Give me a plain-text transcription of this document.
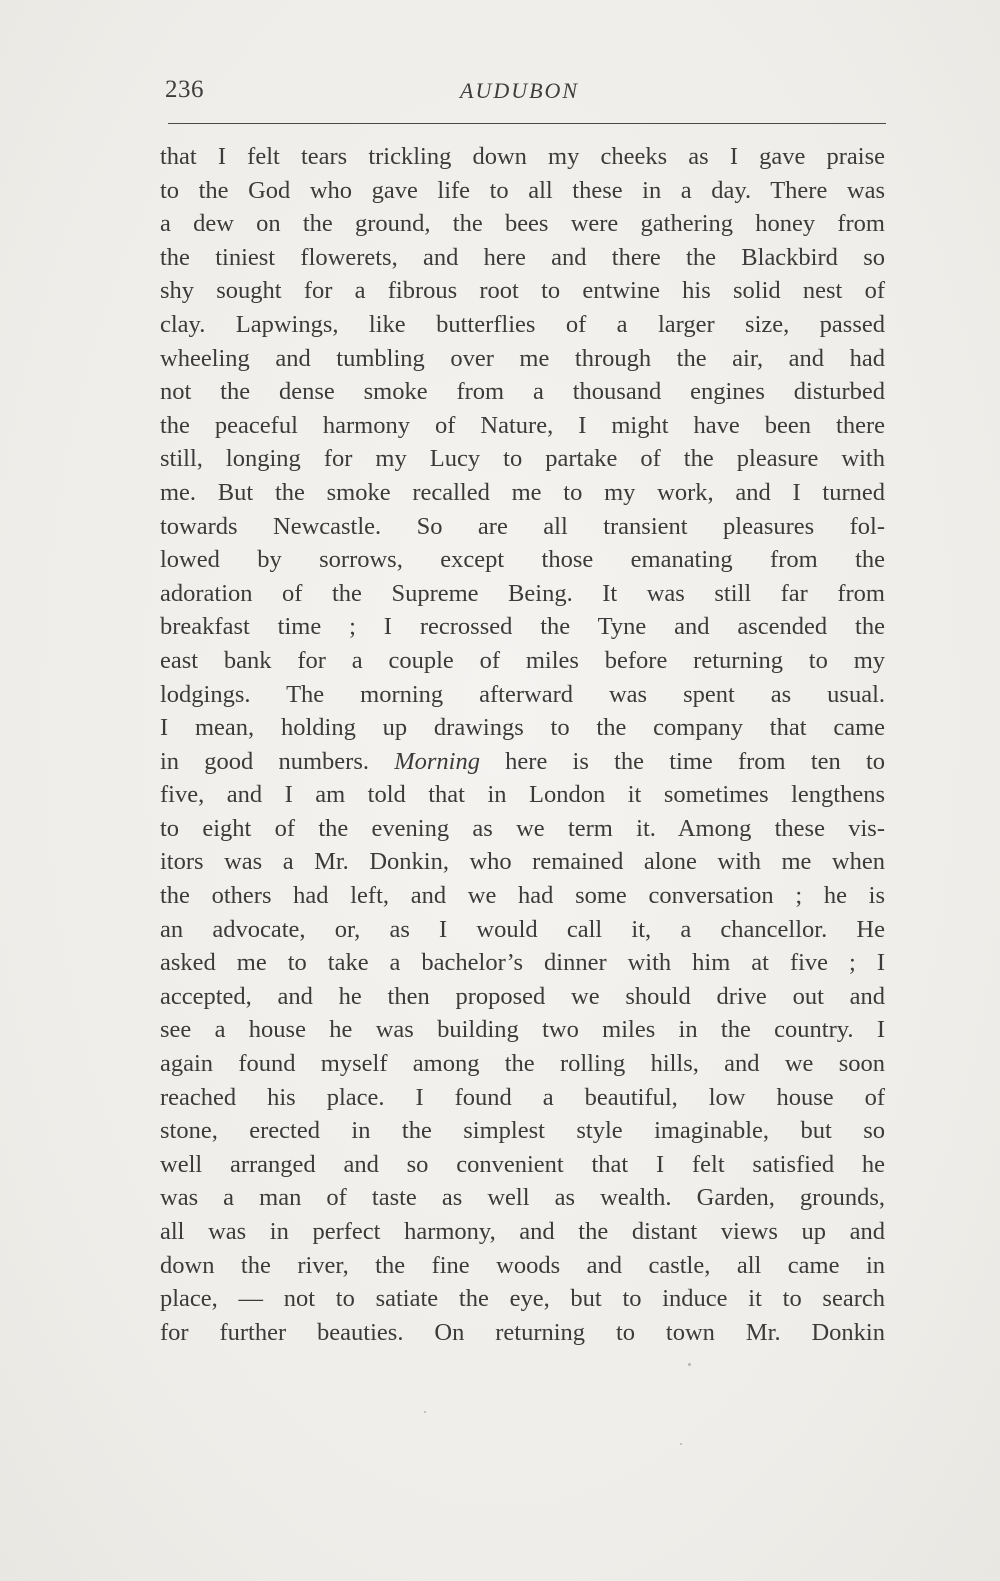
236	AUDUBON
that I felt tears trickling down my cheeks as I gave praise
to the God who gave life to all these in a day. There was
a dew on the ground, the bees were gathering honey from
the tiniest flowerets, and here and there the Blackbird so
shy sought for a fibrous root to entwine his solid nest of
clay. Lapwings, like butterflies of a larger size, passed
wheeling and tumbling over me through the air, and had
not the dense smoke from a thousand engines disturbed
the peaceful harmony of Nature, I might have been there
still, longing for my Lucy to partake of the pleasure with
me. But the smoke recalled me to my work, and I turned
towards Newcastle. So are all transient pleasures fol-
lowed by sorrows, except those emanating from the
adoration of the Supreme Being. It was still far from
breakfast time ; I recrossed the Tyne and ascended the
east bank for a couple of miles before returning to my
lodgings. The morning afterward was spent as usual.
I mean, holding up drawings to the company that came
in good numbers. Morning here is the time from ten to
five, and I am told that in London it sometimes lengthens
to eight of the evening as we term it. Among these vis-
itors was a Mr. Donkin, who remained alone with me when
the others had left, and we had some conversation ; he is
an advocate, or, as I would call it, a chancellor. He
asked me to take a bachelor’s dinner with him at five ; I
accepted, and he then proposed we should drive out and
see a house he was building two miles in the country. I
again found myself among the rolling hills, and we soon
reached his place. I found a beautiful, low house of
stone, erected in the simplest style imaginable, but so
well arranged and so convenient that I felt satisfied he
was a man of taste as well as wealth. Garden, grounds,
all was in perfect harmony, and the distant views up and
down the river, the fine woods and castle, all came in
place, — not to satiate the eye, but to induce it to search
for further beauties. On returning to town Mr. Donkin
